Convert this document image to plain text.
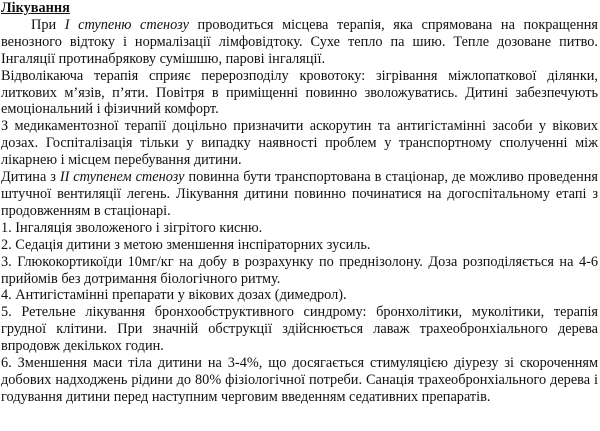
Лікування

При І ступеню стенозу проводиться місцева терапія, яка спрямована на покращення венозного відтоку і нормалізації лімфовідтоку. Сухе тепло па шию. Тепле дозоване питво. Інгаляції протинабрякову сумішшю, парові інгаляції.

Відволікаюча терапія сприяє перерозподілу кровотоку: зігрівання міжлопаткової ділянки, литкових м’язів, п’яти. Повітря в приміщенні повинно зволожуватись. Дитині забезпечують емоціональний і фізичний комфорт.

З медикаментозної терапії доцільно призначити аскорутин та антигістамінні засоби у вікових дозах. Госпіталізація тільки у випадку наявності проблем у транспортному сполученні між лікарнею і місцем перебування дитини.

Дитина з ІІ ступенем стенозу повинна бути транспортована в стаціонар, де можливо проведення штучної вентиляції легень. Лікування дитини повинно починатися на догоспітальному етапі з продовженням в стаціонарі.

1. Інгаляція зволоженого і зігрітого кисню.

2. Седація дитини з метою зменшення інспіраторних зусиль.

3. Глюкокортикоїди 10мг/кг на добу в розрахунку по преднізолону. Доза розподіляється на 4-6 прийомів без дотримання біологічного ритму.

4. Антигістамінні препарати у вікових дозах (димедрол).

5. Ретельне лікування бронхообструктивного синдрому: бронхолітики, муколітики, терапія грудної клітини. При значній обструкції здійснюється лаваж трахеобронхіального дерева впродовж декількох годин.

6. Зменшення маси тіла дитини на 3-4%, що досягається стимуляцією діурезу зі скороченням добових надходжень рідини до 80% фізіологічної потреби. Санація трахеобронхіального дерева і годування дитини перед наступним черговим введенням седативних препаратів.
